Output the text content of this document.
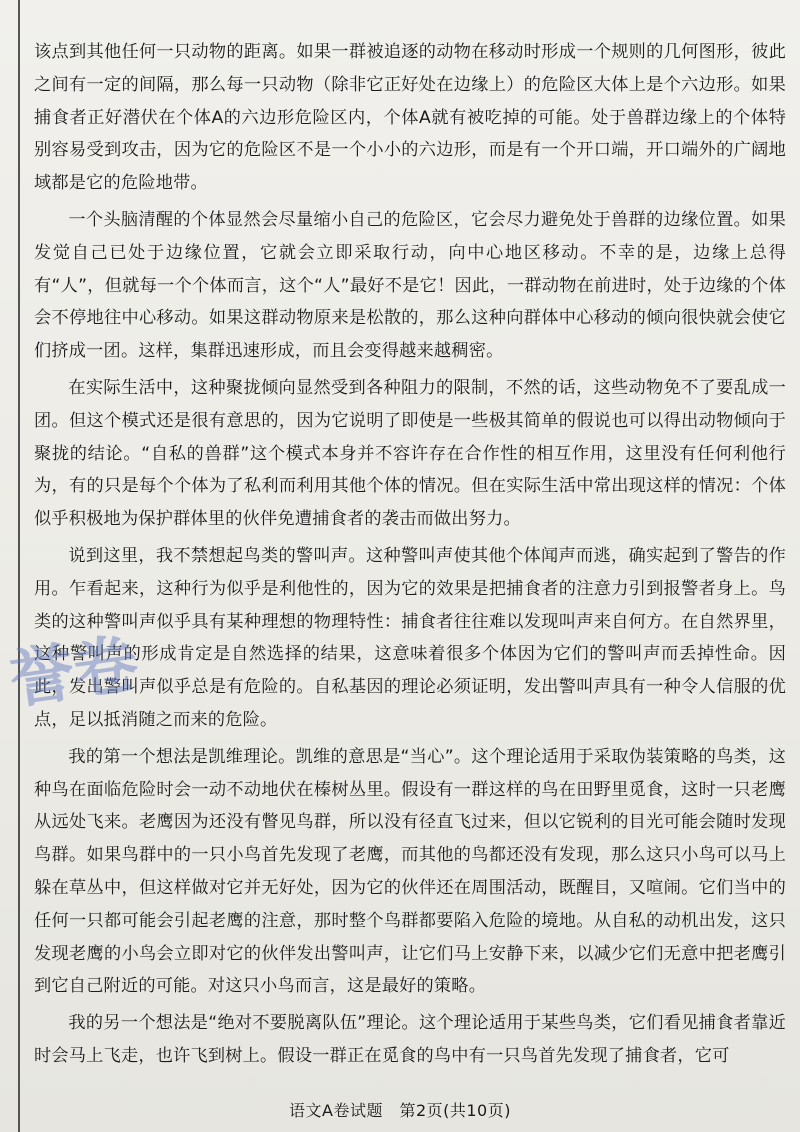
该点到其他任何一只动物的距离。如果一群被追逐的动物在移动时形成一个规则的几何图形，彼此之间有一定的间隔，那么每一只动物（除非它正好处在边缘上）的危险区大体上是个六边形。如果捕食者正好潜伏在个体A的六边形危险区内，个体A就有被吃掉的可能。处于兽群边缘上的个体特别容易受到攻击，因为它的危险区不是一个小小的六边形，而是有一个开口端，开口端外的广阔地域都是它的危险地带。

一个头脑清醒的个体显然会尽量缩小自己的危险区，它会尽力避免处于兽群的边缘位置。如果发觉自己已处于边缘位置，它就会立即采取行动，向中心地区移动。不幸的是，边缘上总得有“人”，但就每一个个体而言，这个“人”最好不是它！因此，一群动物在前进时，处于边缘的个体会不停地往中心移动。如果这群动物原来是松散的，那么这种向群体中心移动的倾向很快就会使它们挤成一团。这样，集群迅速形成，而且会变得越来越稠密。

在实际生活中，这种聚拢倾向显然受到各种阻力的限制，不然的话，这些动物免不了要乱成一团。但这个模式还是很有意思的，因为它说明了即使是一些极其简单的假说也可以得出动物倾向于聚拢的结论。“自私的兽群”这个模式本身并不容许存在合作性的相互作用，这里没有任何利他行为，有的只是每个个体为了私利而利用其他个体的情况。但在实际生活中常出现这样的情况：个体似乎积极地为保护群体里的伙伴免遭捕食者的袭击而做出努力。

说到这里，我不禁想起鸟类的警叫声。这种警叫声使其他个体闻声而逃，确实起到了警告的作用。乍看起来，这种行为似乎是利他性的，因为它的效果是把捕食者的注意力引到报警者身上。鸟类的这种警叫声似乎具有某种理想的物理特性：捕食者往往难以发现叫声来自何方。在自然界里，这种警叫声的形成肯定是自然选择的结果，这意味着很多个体因为它们的警叫声而丢掉性命。因此，发出警叫声似乎总是有危险的。自私基因的理论必须证明，发出警叫声具有一种令人信服的优点，足以抵消随之而来的危险。

我的第一个想法是凯维理论。凯维的意思是“当心”。这个理论适用于采取伪装策略的鸟类，这种鸟在面临危险时会一动不动地伏在榛树丛里。假设有一群这样的鸟在田野里觅食，这时一只老鹰从远处飞来。老鹰因为还没有瞥见鸟群，所以没有径直飞过来，但以它锐利的目光可能会随时发现鸟群。如果鸟群中的一只小鸟首先发现了老鹰，而其他的鸟都还没有发现，那么这只小鸟可以马上躲在草丛中，但这样做对它并无好处，因为它的伙伴还在周围活动，既醒目，又喧闹。它们当中的任何一只都可能会引起老鹰的注意，那时整个鸟群都要陷入危险的境地。从自私的动机出发，这只发现老鹰的小鸟会立即对它的伙伴发出警叫声，让它们马上安静下来，以减少它们无意中把老鹰引到它自己附近的可能。对这只小鸟而言，这是最好的策略。

我的另一个想法是“绝对不要脱离队伍”理论。这个理论适用于某些鸟类，它们看见捕食者靠近时会马上飞走，也许飞到树上。假设一群正在觅食的鸟中有一只鸟首先发现了捕食者，它可

誉卷
语文A卷试题　第2页(共10页)
